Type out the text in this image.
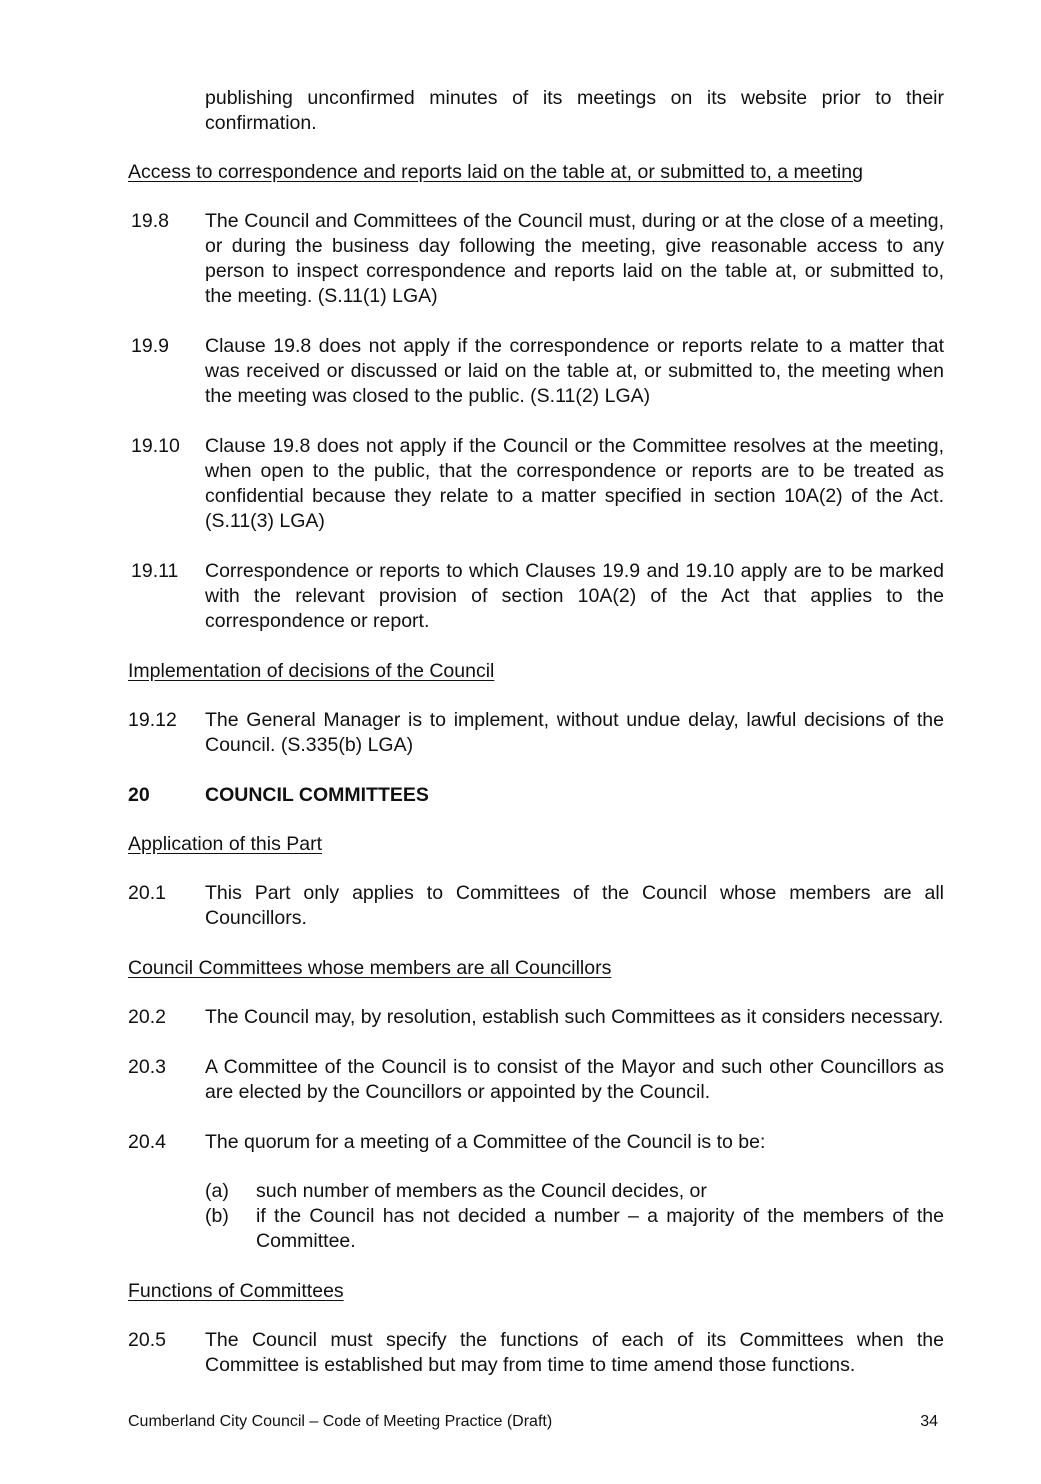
publishing unconfirmed minutes of its meetings on its website prior to their confirmation.
Access to correspondence and reports laid on the table at, or submitted to, a meeting
19.8	The Council and Committees of the Council must, during or at the close of a meeting, or during the business day following the meeting, give reasonable access to any person to inspect correspondence and reports laid on the table at, or submitted to, the meeting. (S.11(1) LGA)
19.9	Clause 19.8 does not apply if the correspondence or reports relate to a matter that was received or discussed or laid on the table at, or submitted to, the meeting when the meeting was closed to the public. (S.11(2) LGA)
19.10	Clause 19.8 does not apply if the Council or the Committee resolves at the meeting, when open to the public, that the correspondence or reports are to be treated as confidential because they relate to a matter specified in section 10A(2) of the Act. (S.11(3) LGA)
19.11	Correspondence or reports to which Clauses 19.9 and 19.10 apply are to be marked with the relevant provision of section 10A(2) of the Act that applies to the correspondence or report.
Implementation of decisions of the Council
19.12	The General Manager is to implement, without undue delay, lawful decisions of the Council. (S.335(b) LGA)
20	COUNCIL COMMITTEES
Application of this Part
20.1	This Part only applies to Committees of the Council whose members are all Councillors.
Council Committees whose members are all Councillors
20.2	The Council may, by resolution, establish such Committees as it considers necessary.
20.3	A Committee of the Council is to consist of the Mayor and such other Councillors as are elected by the Councillors or appointed by the Council.
20.4	The quorum for a meeting of a Committee of the Council is to be:
(a)	such number of members as the Council decides, or
(b)	if the Council has not decided a number – a majority of the members of the Committee.
Functions of Committees
20.5	The Council must specify the functions of each of its Committees when the Committee is established but may from time to time amend those functions.
Cumberland City Council – Code of Meeting Practice (Draft)	34
